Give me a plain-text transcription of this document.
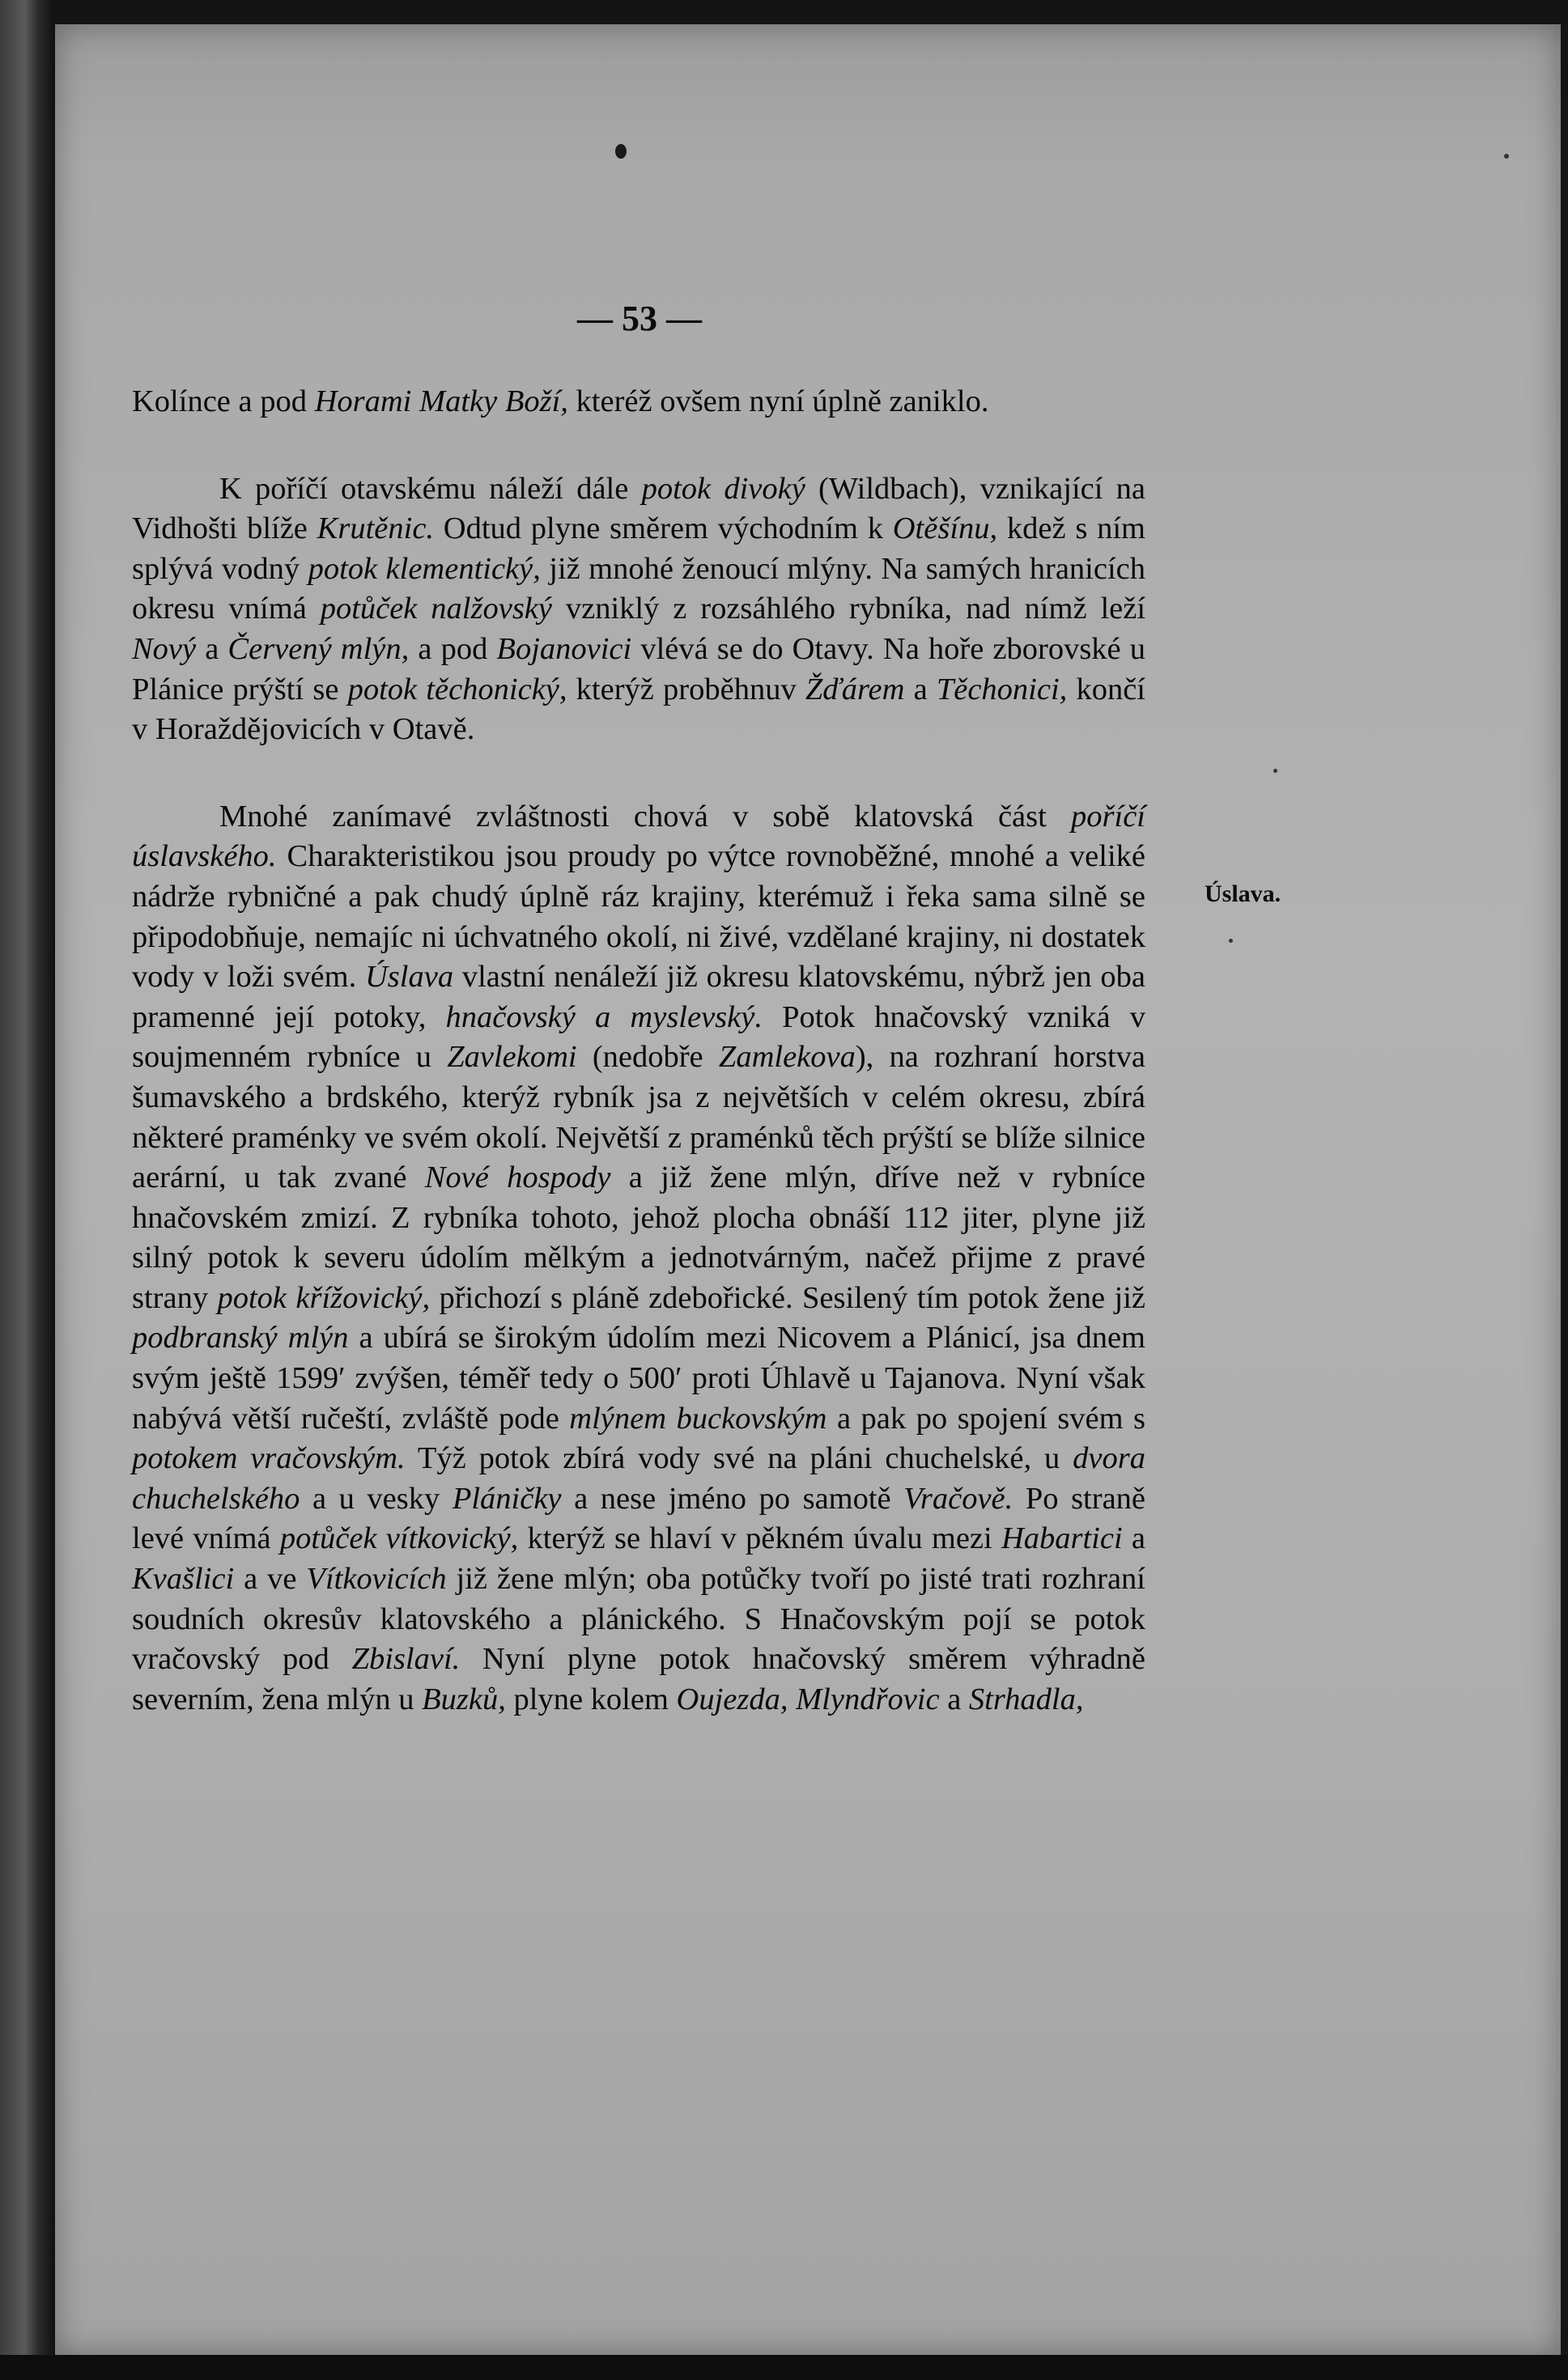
— 53 —
Úslava.

Kolínce a pod Horami Matky Boží, kteréž ovšem nyní úplně zaniklo.

K poříčí otavskému náleží dále potok divoký (Wildbach), vznikající na Vidhošti blíže Krutěnic. Odtud plyne směrem východním k Otěšínu, kdež s ním splývá vodný potok klementický, již mnohé ženoucí mlýny. Na samých hranicích okresu vnímá potůček nalžovský vzniklý z rozsáhlého rybníka, nad nímž leží Nový a Červený mlýn, a pod Bojanovici vlévá se do Otavy. Na hoře zborovské u Plánice prýští se potok těchonický, kterýž proběhnuv Žďárem a Těchonici, končí v Horaždějovicích v Otavě.

Mnohé zanímavé zvláštnosti chová v sobě klatovská část poříčí úslavského. Charakteristikou jsou proudy po výtce rovnoběžné, mnohé a veliké nádrže rybničné a pak chudý úplně ráz krajiny, kterémuž i řeka sama silně se připodobňuje, nemajíc ni úchvatného okolí, ni živé, vzdělané krajiny, ni dostatek vody v loži svém. Úslava vlastní nenáleží již okresu klatovskému, nýbrž jen oba pramenné její potoky, hnačovský a myslevský. Potok hnačovský vzniká v soujmenném rybníce u Zavlekomi (nedobře Zamlekova), na rozhraní horstva šumavského a brdského, kterýž rybník jsa z největších v celém okresu, zbírá některé praménky ve svém okolí. Největší z praménků těch prýští se blíže silnice aerární, u tak zvané Nové hospody a již žene mlýn, dříve než v rybníce hnačovském zmizí. Z rybníka tohoto, jehož plocha obnáší 112 jiter, plyne již silný potok k severu údolím mělkým a jednotvárným, načež přijme z pravé strany potok křížovický, přichozí s pláně zdebořické. Sesilený tím potok žene již podbranský mlýn a ubírá se širokým údolím mezi Nicovem a Plánicí, jsa dnem svým ještě 1599′ zvýšen, téměř tedy o 500′ proti Úhlavě u Tajanova. Nyní však nabývá větší ručeští, zvláště pode mlýnem buckovským a pak po spojení svém s potokem vračovským. Týž potok zbírá vody své na pláni chuchelské, u dvora chuchelského a u vesky Pláničky a nese jméno po samotě Vračově. Po straně levé vnímá potůček vítkovický, kterýž se hlaví v pěkném úvalu mezi Habartici a Kvašlici a ve Vítkovicích již žene mlýn; oba potůčky tvoří po jisté trati rozhraní soudních okresův klatovského a plánického. S Hnačovským pojí se potok vračovský pod Zbislaví. Nyní plyne potok hnačovský směrem výhradně severním, žena mlýn u Buzků, plyne kolem Oujezda, Mlyndřovic a Strhadla,
